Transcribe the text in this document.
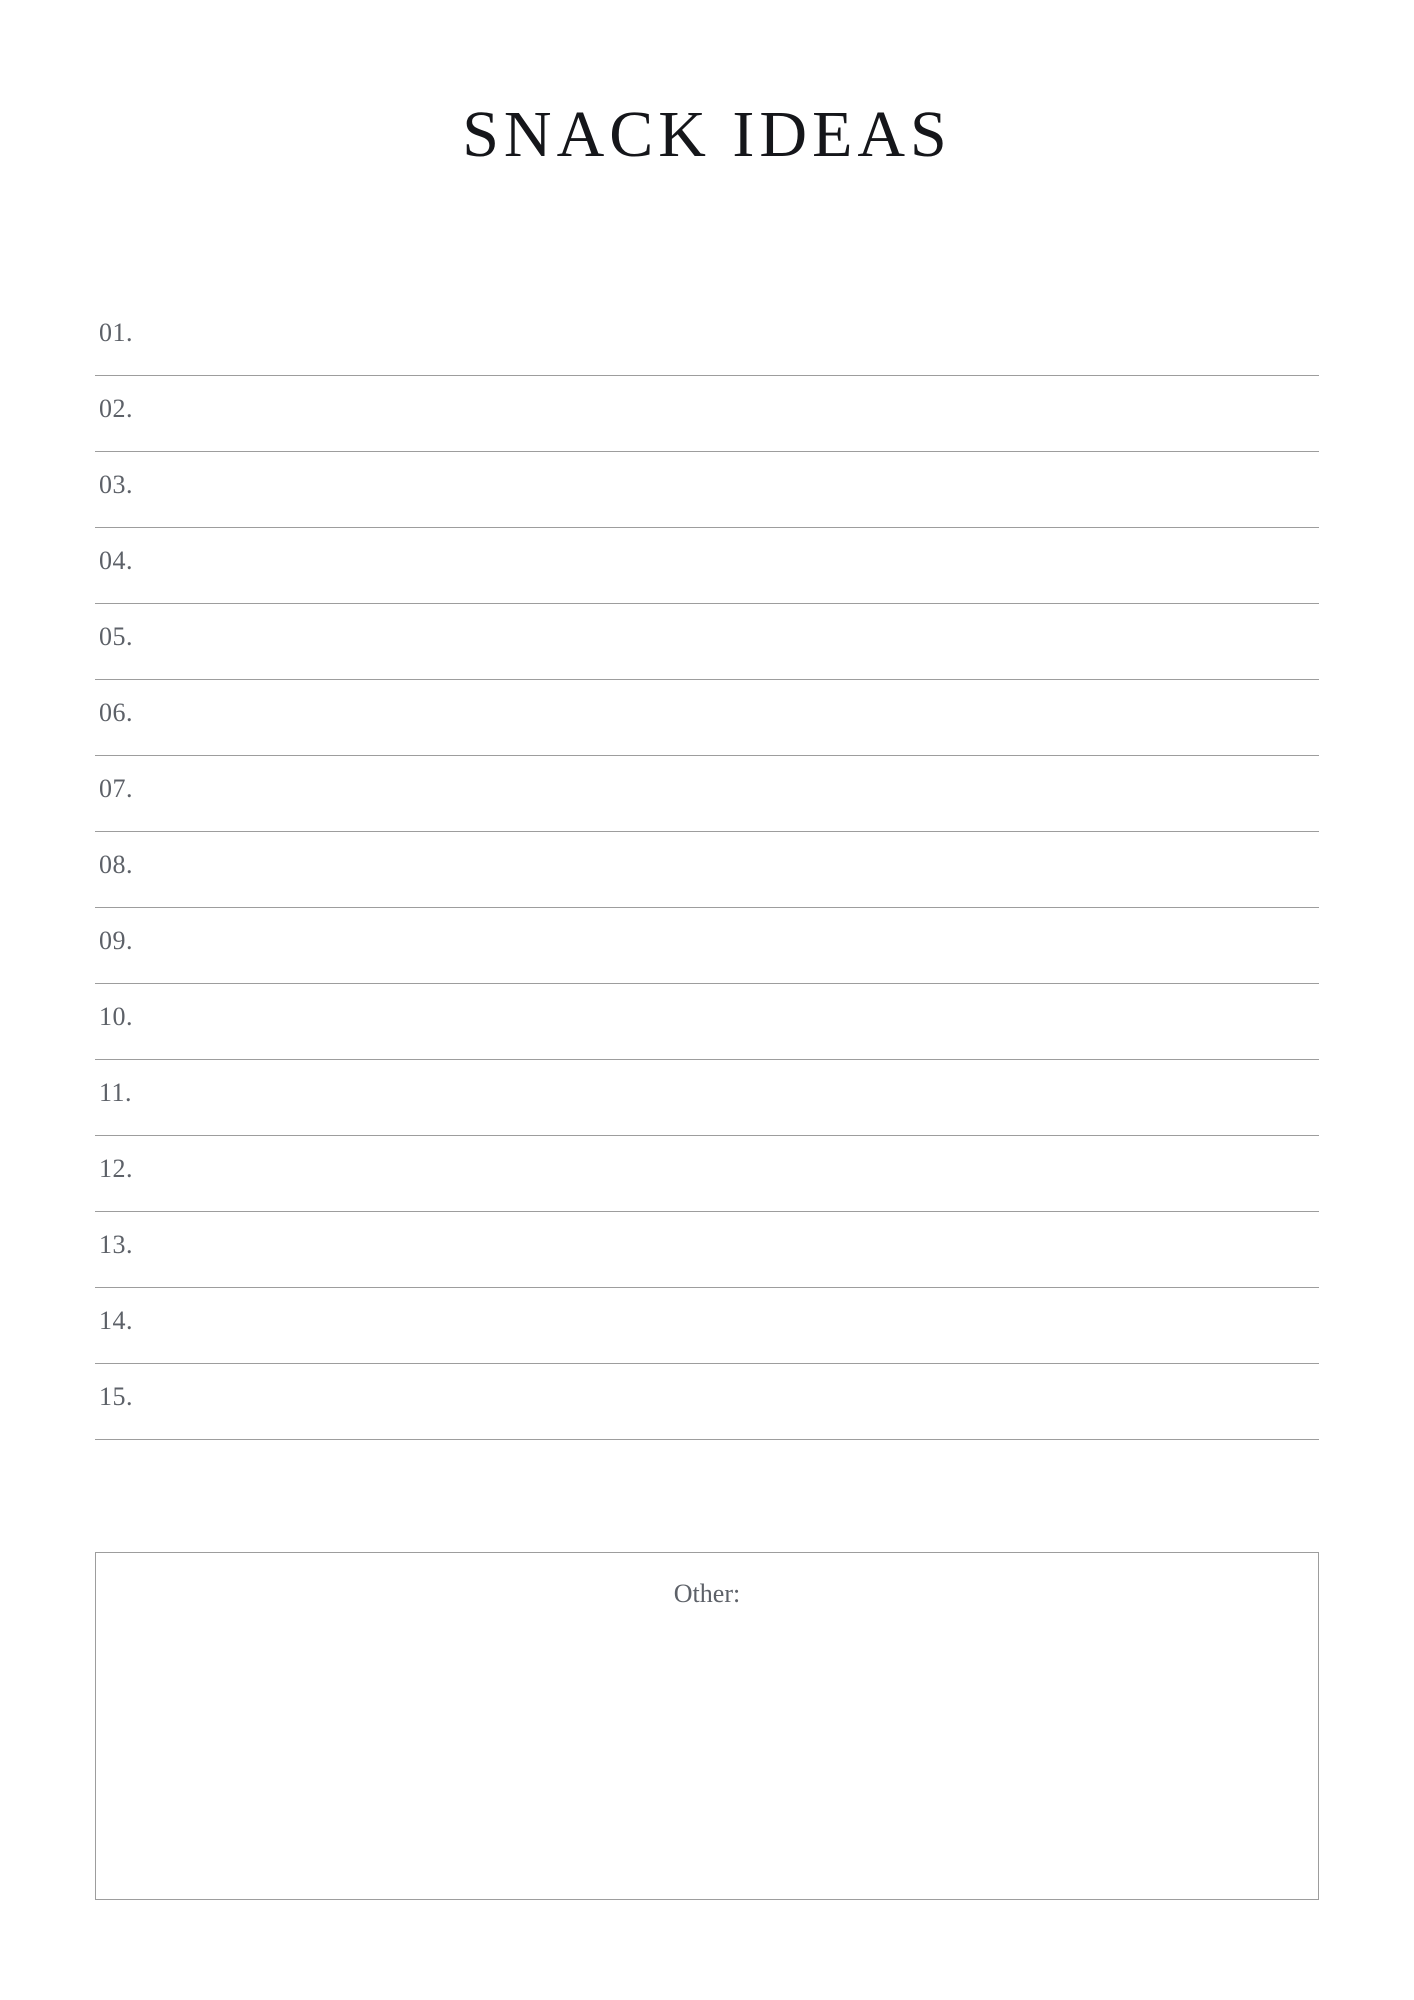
SNACK IDEAS
01.
02.
03.
04.
05.
06.
07.
08.
09.
10.
11.
12.
13.
14.
15.
Other:
